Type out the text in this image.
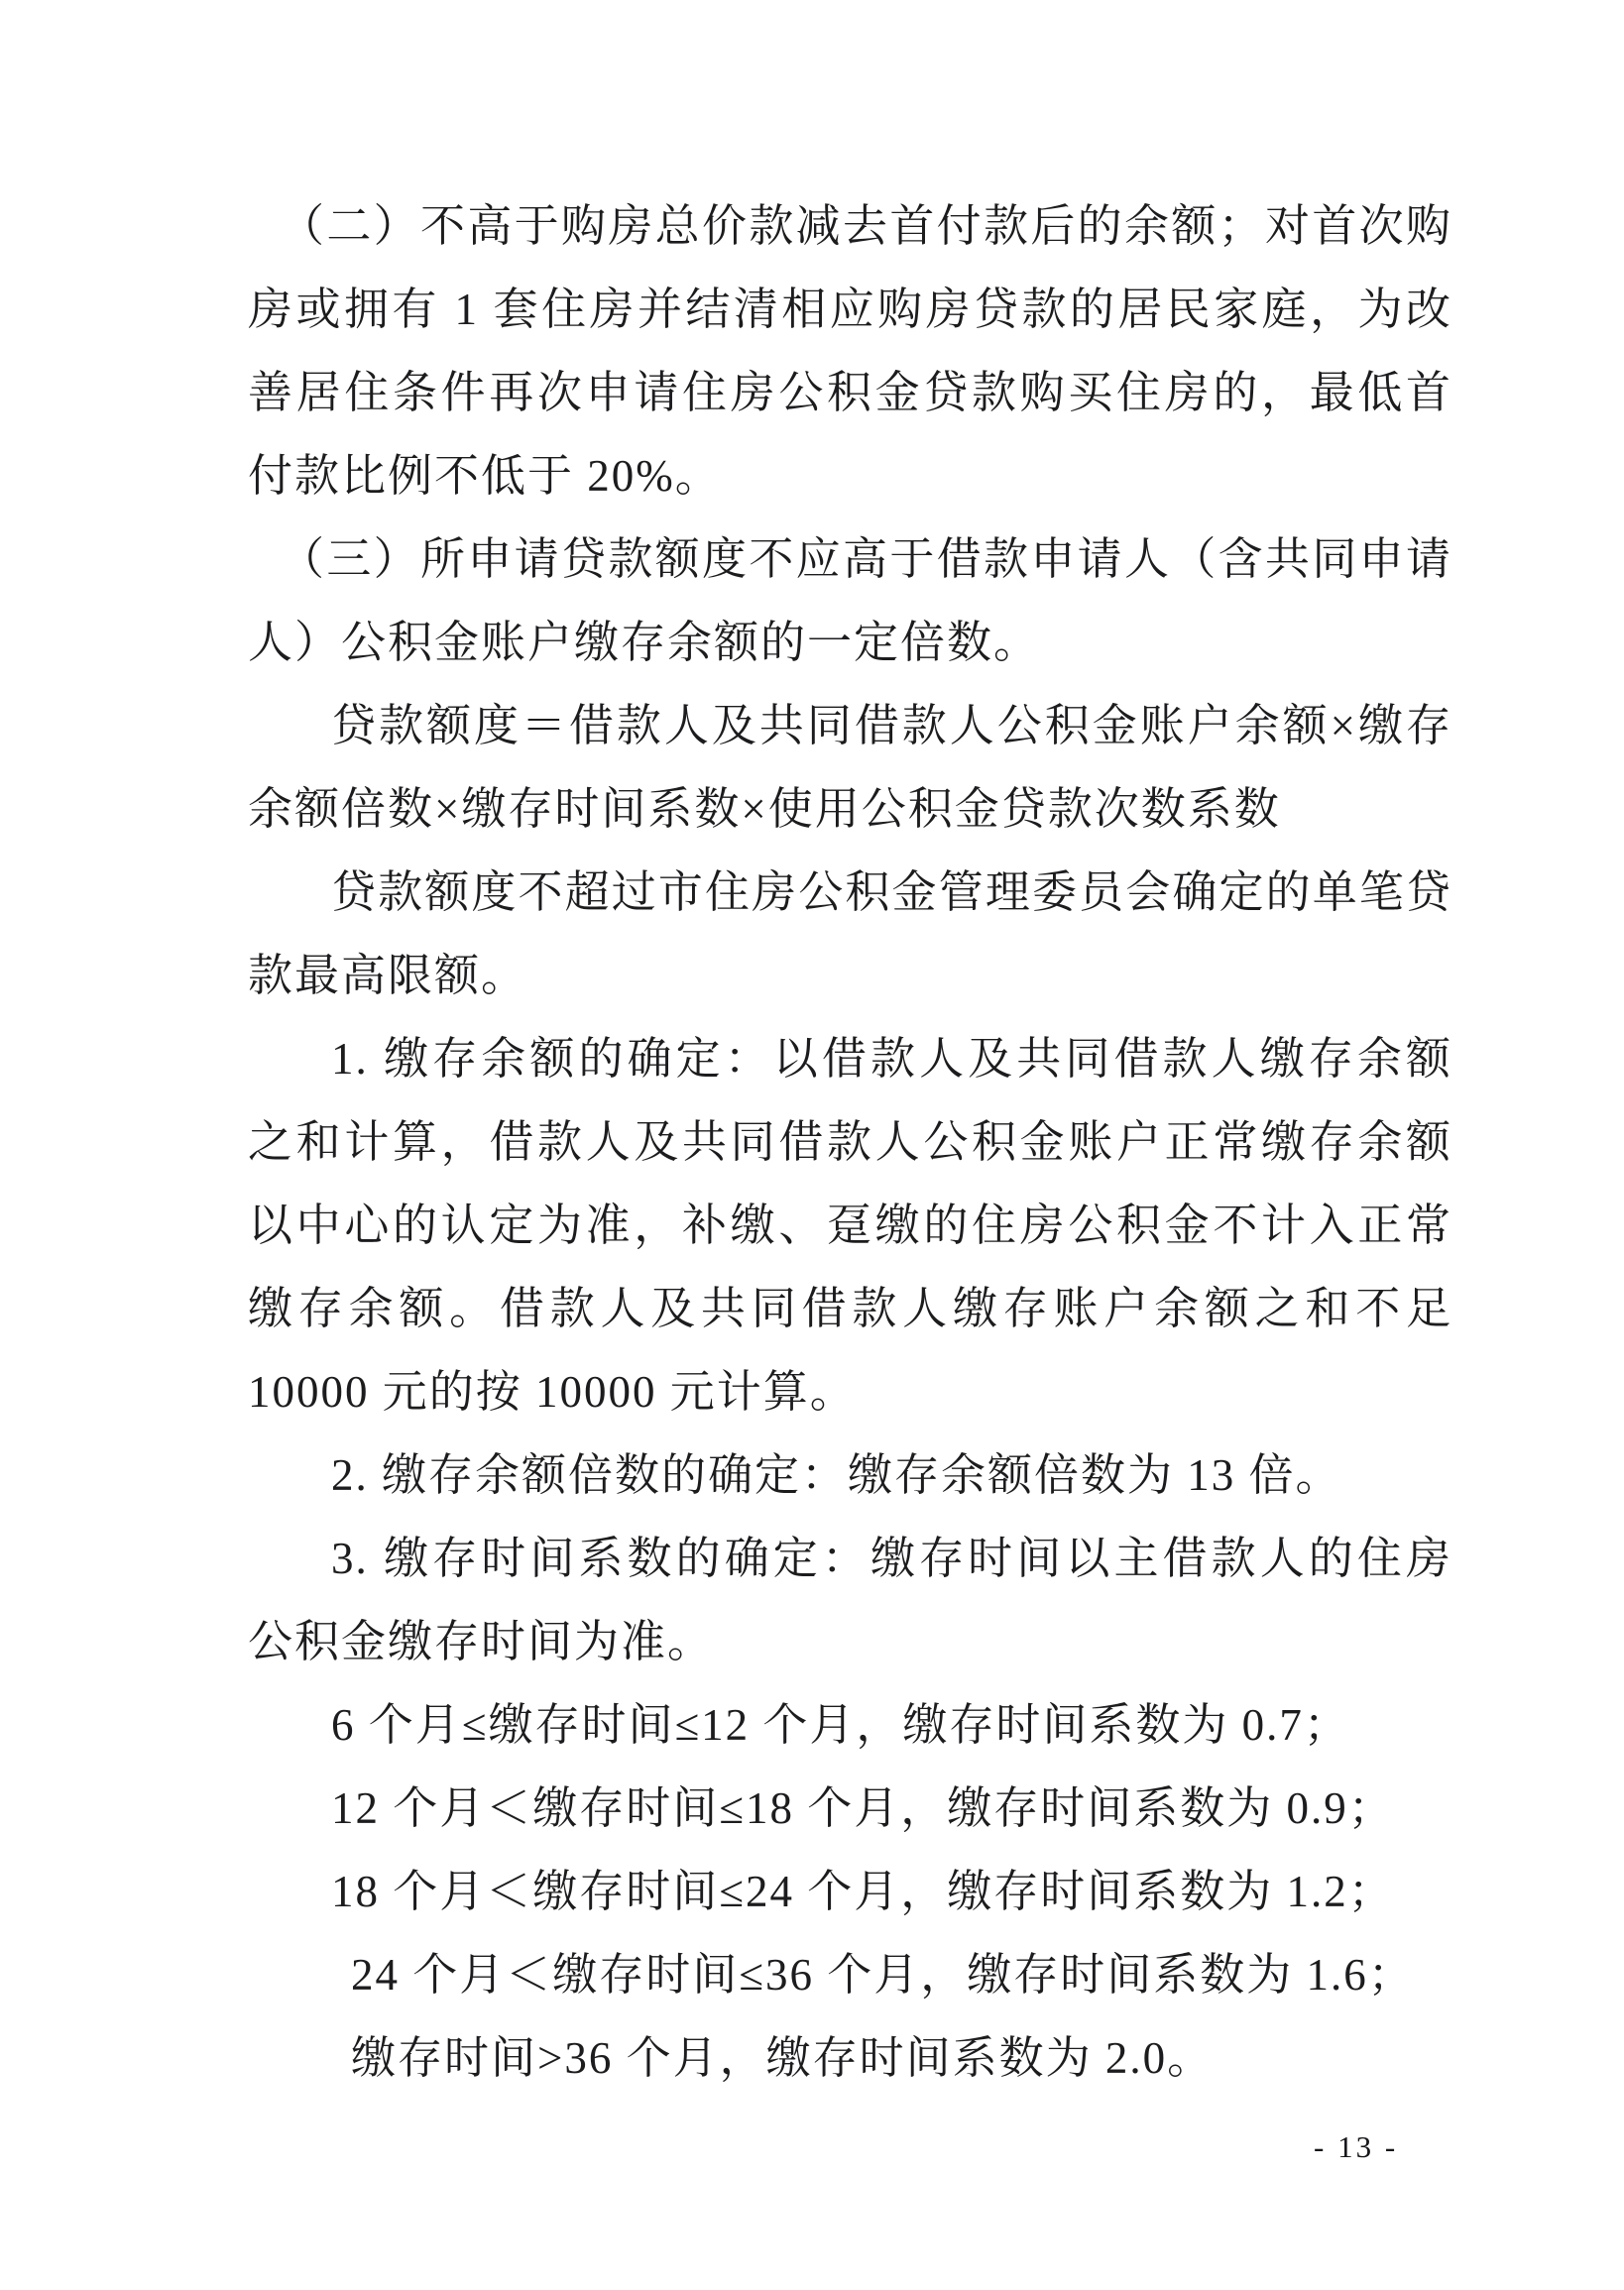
（二）不高于购房总价款减去首付款后的余额；对首次购房或拥有 1 套住房并结清相应购房贷款的居民家庭，为改善居住条件再次申请住房公积金贷款购买住房的，最低首付款比例不低于 20%。

（三）所申请贷款额度不应高于借款申请人（含共同申请人）公积金账户缴存余额的一定倍数。

贷款额度＝借款人及共同借款人公积金账户余额×缴存余额倍数×缴存时间系数×使用公积金贷款次数系数

贷款额度不超过市住房公积金管理委员会确定的单笔贷款最高限额。

1. 缴存余额的确定：以借款人及共同借款人缴存余额之和计算，借款人及共同借款人公积金账户正常缴存余额以中心的认定为准，补缴、趸缴的住房公积金不计入正常缴存余额。借款人及共同借款人缴存账户余额之和不足 10000 元的按 10000 元计算。

2. 缴存余额倍数的确定：缴存余额倍数为 13 倍。

3. 缴存时间系数的确定：缴存时间以主借款人的住房公积金缴存时间为准。

6 个月≤缴存时间≤12 个月，缴存时间系数为 0.7；

12 个月＜缴存时间≤18 个月，缴存时间系数为 0.9；

18 个月＜缴存时间≤24 个月，缴存时间系数为 1.2；

24 个月＜缴存时间≤36 个月，缴存时间系数为 1.6；

缴存时间>36 个月，缴存时间系数为 2.0。

- 13 -
